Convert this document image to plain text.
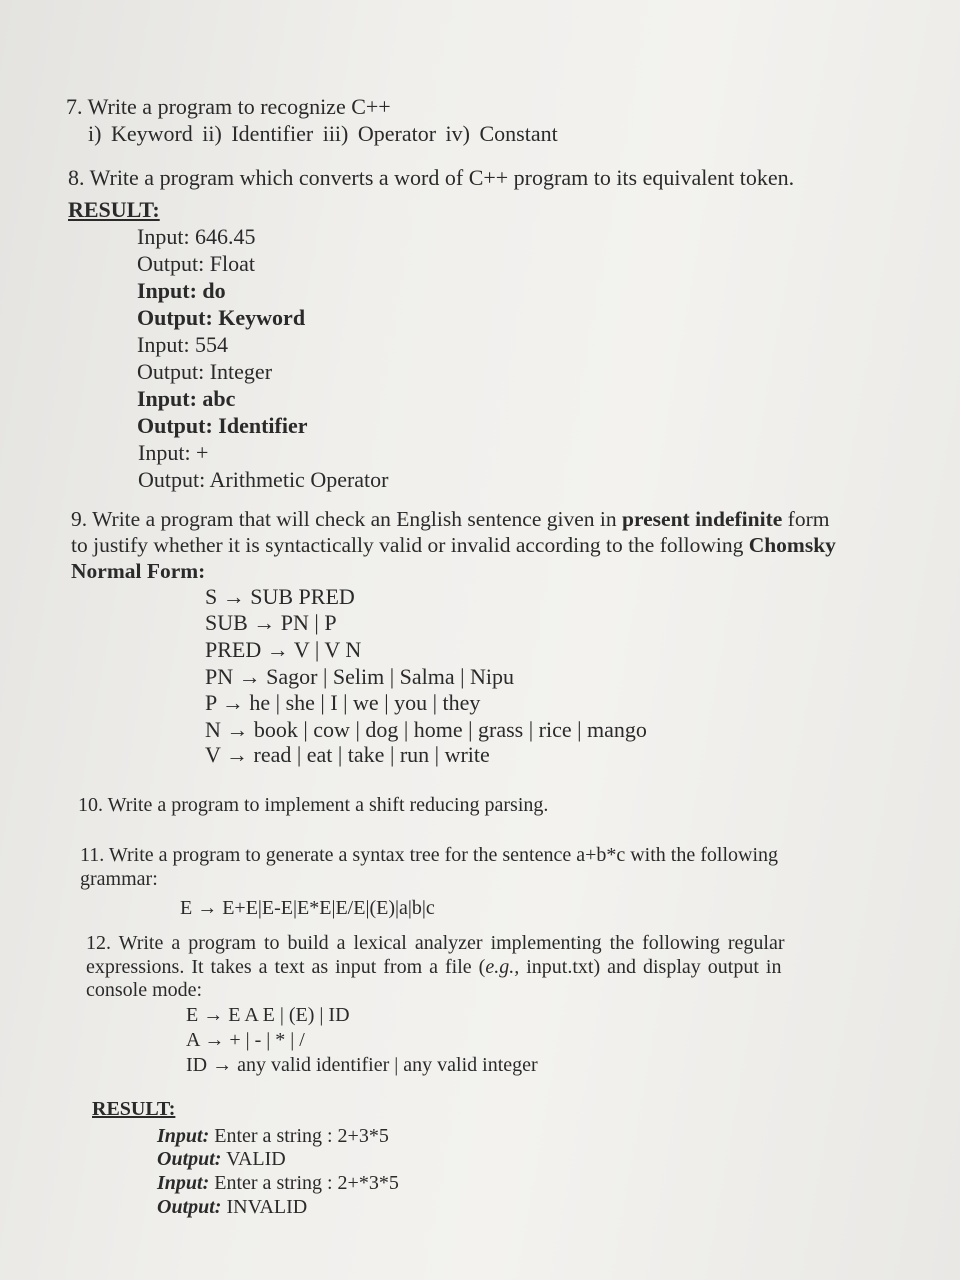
7. Write a program to recognize C++
i) Keyword ii) Identifier iii) Operator iv) Constant
8. Write a program which converts a word of C++ program to its equivalent token.
RESULT:
Input: 646.45
Output: Float
Input: do
Output: Keyword
Input: 554
Output: Integer
Input: abc
Output: Identifier
Input: +
Output: Arithmetic Operator
9. Write a program that will check an English sentence given in present indefinite form
to justify whether it is syntactically valid or invalid according to the following Chomsky
Normal Form:
S → SUB PRED
SUB → PN | P
PRED → V | V N
PN → Sagor | Selim | Salma | Nipu
P → he | she | I | we | you | they
N → book | cow | dog | home | grass | rice | mango
V → read | eat | take | run | write
10. Write a program to implement a shift reducing parsing.
11. Write a program to generate a syntax tree for the sentence a+b*c with the following
grammar:
E → E+E|E-E|E*E|E/E|(E)|a|b|c
12. Write a program to build a lexical analyzer implementing the following regular
expressions. It takes a text as input from a file (e.g., input.txt) and display output in
console mode:
E → E A E | (E) | ID
A → + | - | * | /
ID → any valid identifier | any valid integer
RESULT:
Input: Enter a string : 2+3*5
Output: VALID
Input: Enter a string : 2+*3*5
Output: INVALID
